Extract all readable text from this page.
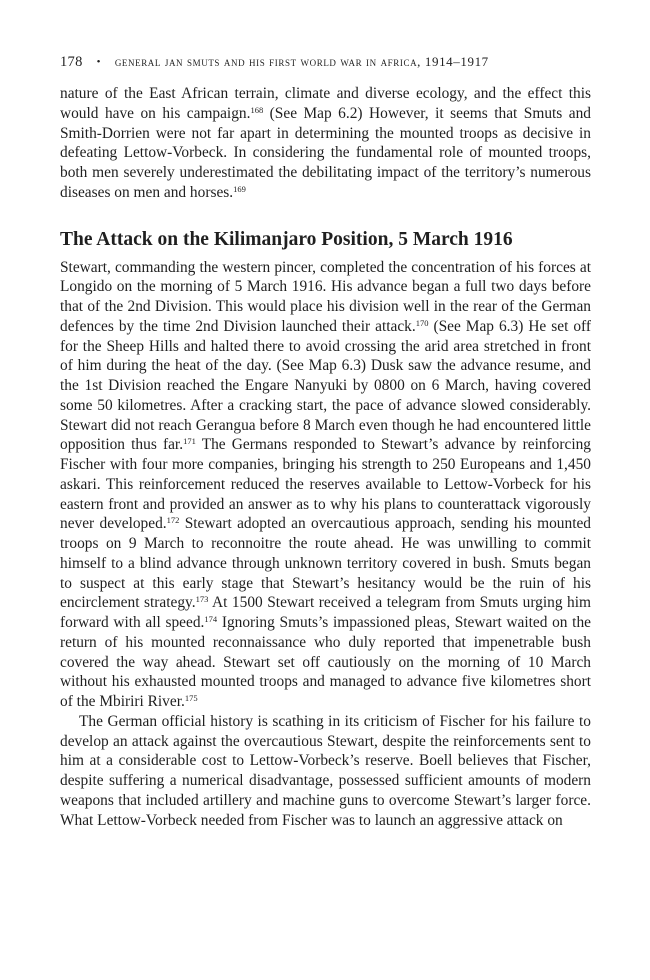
178 • general jan smuts and his first world war in africa, 1914–1917

nature of the East African terrain, climate and diverse ecology, and the effect this would have on his campaign.$^{168}$ (See Map 6.2) However, it seems that Smuts and Smith-Dorrien were not far apart in determining the mounted troops as decisive in defeating Lettow-Vorbeck. In considering the fundamental role of mounted troops, both men severely underestimated the debilitating impact of the territory’s numerous diseases on men and horses.$^{169}$

The Attack on the Kilimanjaro Position, 5 March 1916

Stewart, commanding the western pincer, completed the concentration of his forces at Longido on the morning of 5 March 1916. His advance began a full two days before that of the 2nd Division. This would place his division well in the rear of the German defences by the time 2nd Division launched their attack.$^{170}$ (See Map 6.3) He set off for the Sheep Hills and halted there to avoid crossing the arid area stretched in front of him during the heat of the day. (See Map 6.3) Dusk saw the advance resume, and the 1st Division reached the Engare Nanyuki by 0800 on 6 March, having covered some 50 kilometres. After a cracking start, the pace of advance slowed considerably. Stewart did not reach Gerangua before 8 March even though he had encountered little opposition thus far.$^{171}$ The Germans responded to Stewart’s advance by reinforcing Fischer with four more companies, bringing his strength to 250 Europeans and 1,450 askari. This reinforcement reduced the reserves available to Lettow-Vorbeck for his eastern front and provided an answer as to why his plans to counterattack vigorously never developed.$^{172}$ Stewart adopted an overcautious approach, sending his mounted troops on 9 March to reconnoitre the route ahead. He was unwilling to commit himself to a blind advance through unknown territory covered in bush. Smuts began to suspect at this early stage that Stewart’s hesitancy would be the ruin of his encirclement strategy.$^{173}$ At 1500 Stewart received a telegram from Smuts urging him forward with all speed.$^{174}$ Ignoring Smuts’s impassioned pleas, Stewart waited on the return of his mounted reconnaissance who duly reported that impenetrable bush covered the way ahead. Stewart set off cautiously on the morning of 10 March without his exhausted mounted troops and managed to advance five kilometres short of the Mbiriri River.$^{175}$

The German official history is scathing in its criticism of Fischer for his failure to develop an attack against the overcautious Stewart, despite the reinforcements sent to him at a considerable cost to Lettow-Vorbeck’s reserve. Boell believes that Fischer, despite suffering a numerical disadvantage, possessed sufficient amounts of modern weapons that included artillery and machine guns to overcome Stewart’s larger force. What Lettow-Vorbeck needed from Fischer was to launch an aggressive attack on
